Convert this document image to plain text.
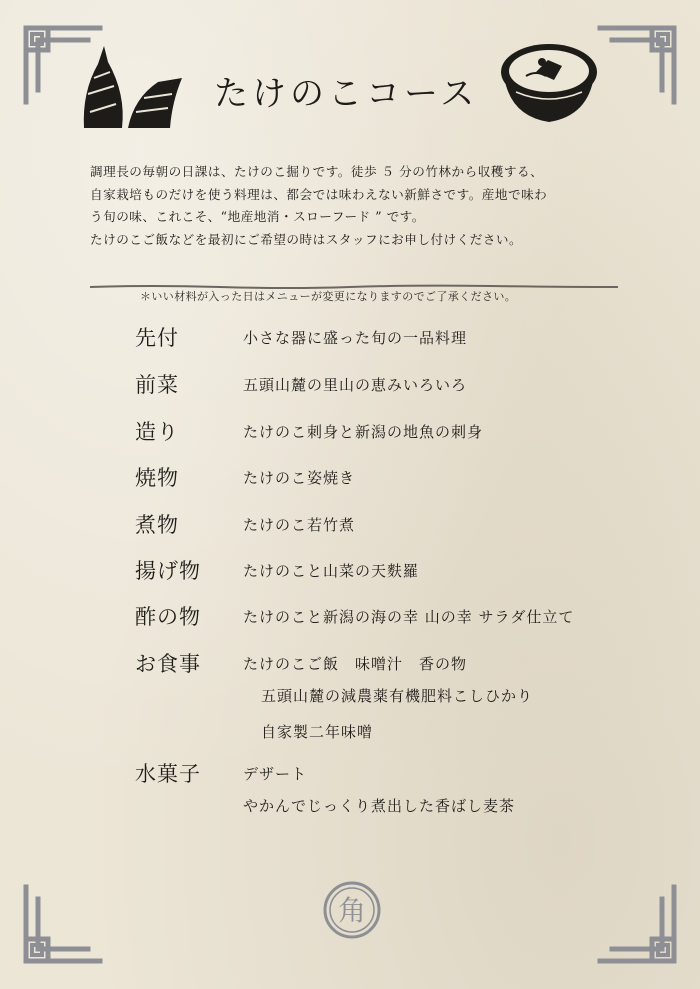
たけのこコース
調理長の毎朝の日課は、たけのこ掘りです。徒歩 ５ 分の竹林から収穫する、
自家栽培ものだけを使う料理は、都会では味わえない新鮮さです。産地で味わ
う旬の味、これこそ、“地産地消・スローフード ” です。
たけのこご飯などを最初にご希望の時はスタッフにお申し付けください。
＊いい材料が入った日はメニューが変更になりますのでご了承ください。
先付	小さな器に盛った旬の一品料理
前菜	五頭山麓の里山の恵みいろいろ
造り	たけのこ刺身と新潟の地魚の刺身
焼物	たけのこ姿焼き
煮物	たけのこ若竹煮
揚げ物	たけのこと山菜の天麩羅
酢の物	たけのこと新潟の海の幸 山の幸 サラダ仕立て
お食事	たけのこご飯　味噌汁　香の物
五頭山麓の減農薬有機肥料こしひかり
自家製二年味噌
水菓子	デザート
やかんでじっくり煮出した香ばし麦茶
角
